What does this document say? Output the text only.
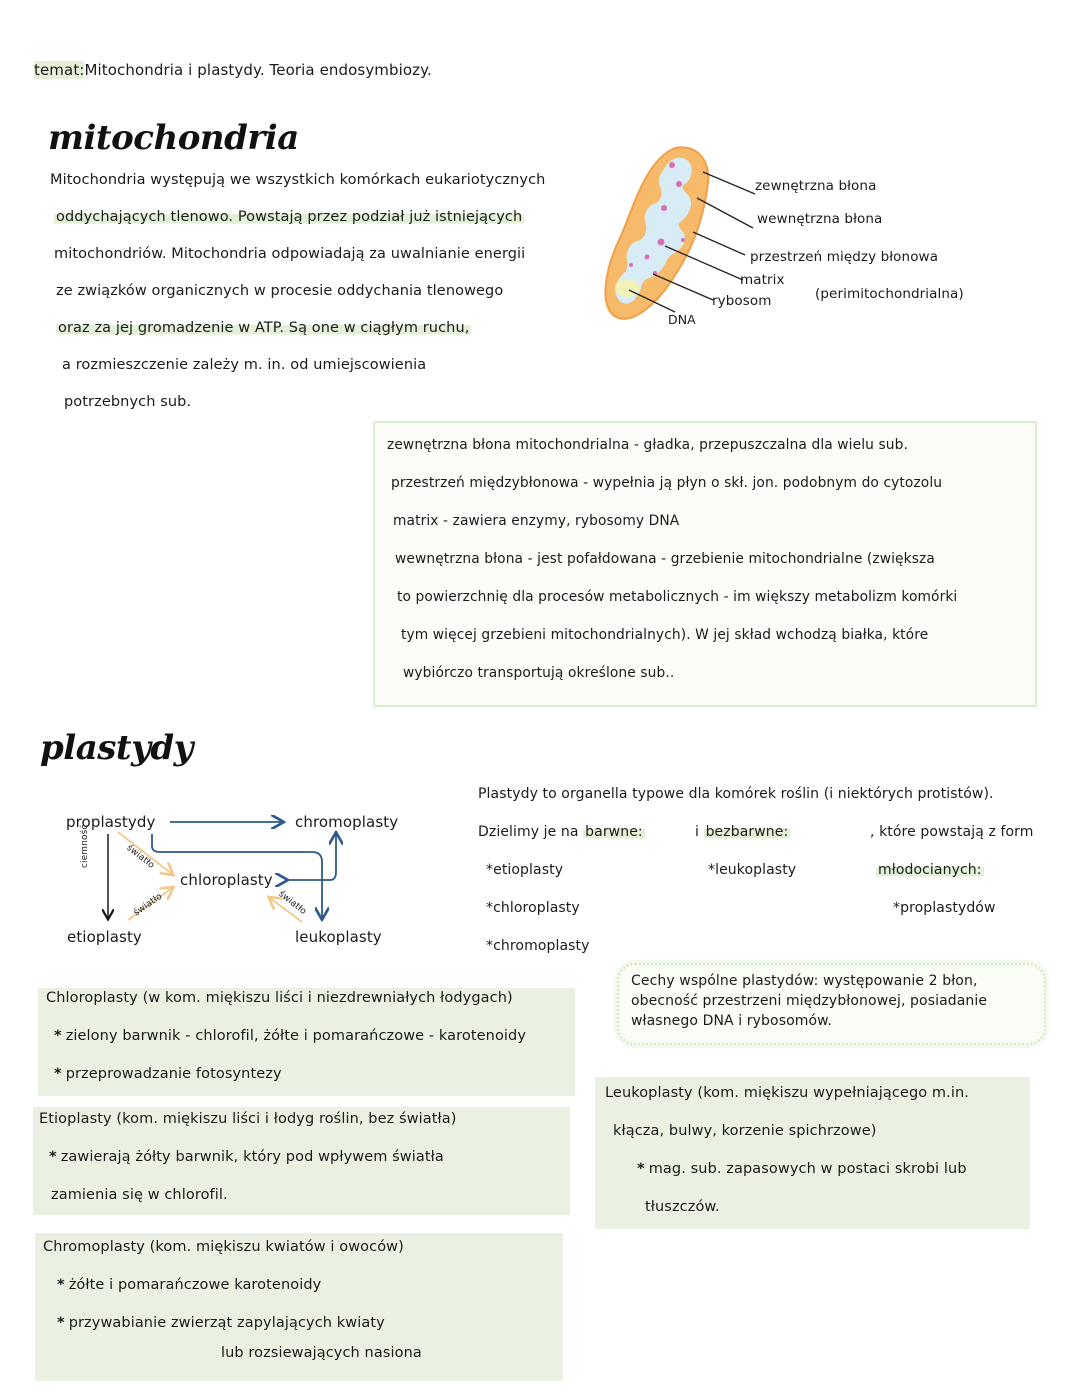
temat:Mitochondria i plastydy. Teoria endosymbiozy.
mitochondria
Mitochondria występują we wszystkich komórkach eukariotycznych
oddychających tlenowo. Powstają przez podział już istniejących
mitochondriów. Mitochondria odpowiadają za uwalnianie energii
ze związków organicznych w procesie oddychania tlenowego
oraz za jej gromadzenie w ATP. Są one w ciągłym ruchu,
a rozmieszczenie zależy m. in. od umiejscowienia
potrzebnych sub.
zewnętrzna błona
wewnętrzna błona
przestrzeń między błonowa
matrix
rybosom	(perimitochondrialna)
DNA
zewnętrzna błona mitochondrialna - gładka, przepuszczalna dla wielu sub.
przestrzeń międzybłonowa - wypełnia ją płyn o skł. jon. podobnym do cytozolu
matrix - zawiera enzymy, rybosomy DNA
wewnętrzna błona - jest pofałdowana - grzebienie mitochondrialne (zwiększa
to powierzchnię dla procesów metabolicznych - im większy metabolizm komórki
tym więcej grzebieni mitochondrialnych). W jej skład wchodzą białka, które
wybiórczo transportują określone sub..
plastydy
proplastydy	chromoplasty
chloroplasty
etioplasty	leukoplasty
ciemność	światło
światło	światło
Plastydy to organella typowe dla komórek roślin (i niektórych protistów).
Dzielimy je na barwne:	i bezbarwne:	, które powstają z form
młodocianych:
*etioplasty
*chloroplasty
*chromoplasty
*leukoplasty
*proplastydów
Cechy wspólne plastydów: występowanie 2 błon,
obecność przestrzeni międzybłonowej, posiadanie
własnego DNA i rybosomów.
Chloroplasty (w kom. miękiszu liści i niezdrewniałych łodygach)
* zielony barwnik - chlorofil, żółte i pomarańczowe - karotenoidy
* przeprowadzanie fotosyntezy
Etioplasty (kom. miękiszu liści i łodyg roślin, bez światła)
* zawierają żółty barwnik, który pod wpływem światła
zamienia się w chlorofil.
Chromoplasty (kom. miękiszu kwiatów i owoców)
* żółte i pomarańczowe karotenoidy
* przywabianie zwierząt zapylających kwiaty
lub rozsiewających nasiona
Leukoplasty (kom. miękiszu wypełniającego m.in.
kłącza, bulwy, korzenie spichrzowe)
* mag. sub. zapasowych w postaci skrobi lub
tłuszczów.
